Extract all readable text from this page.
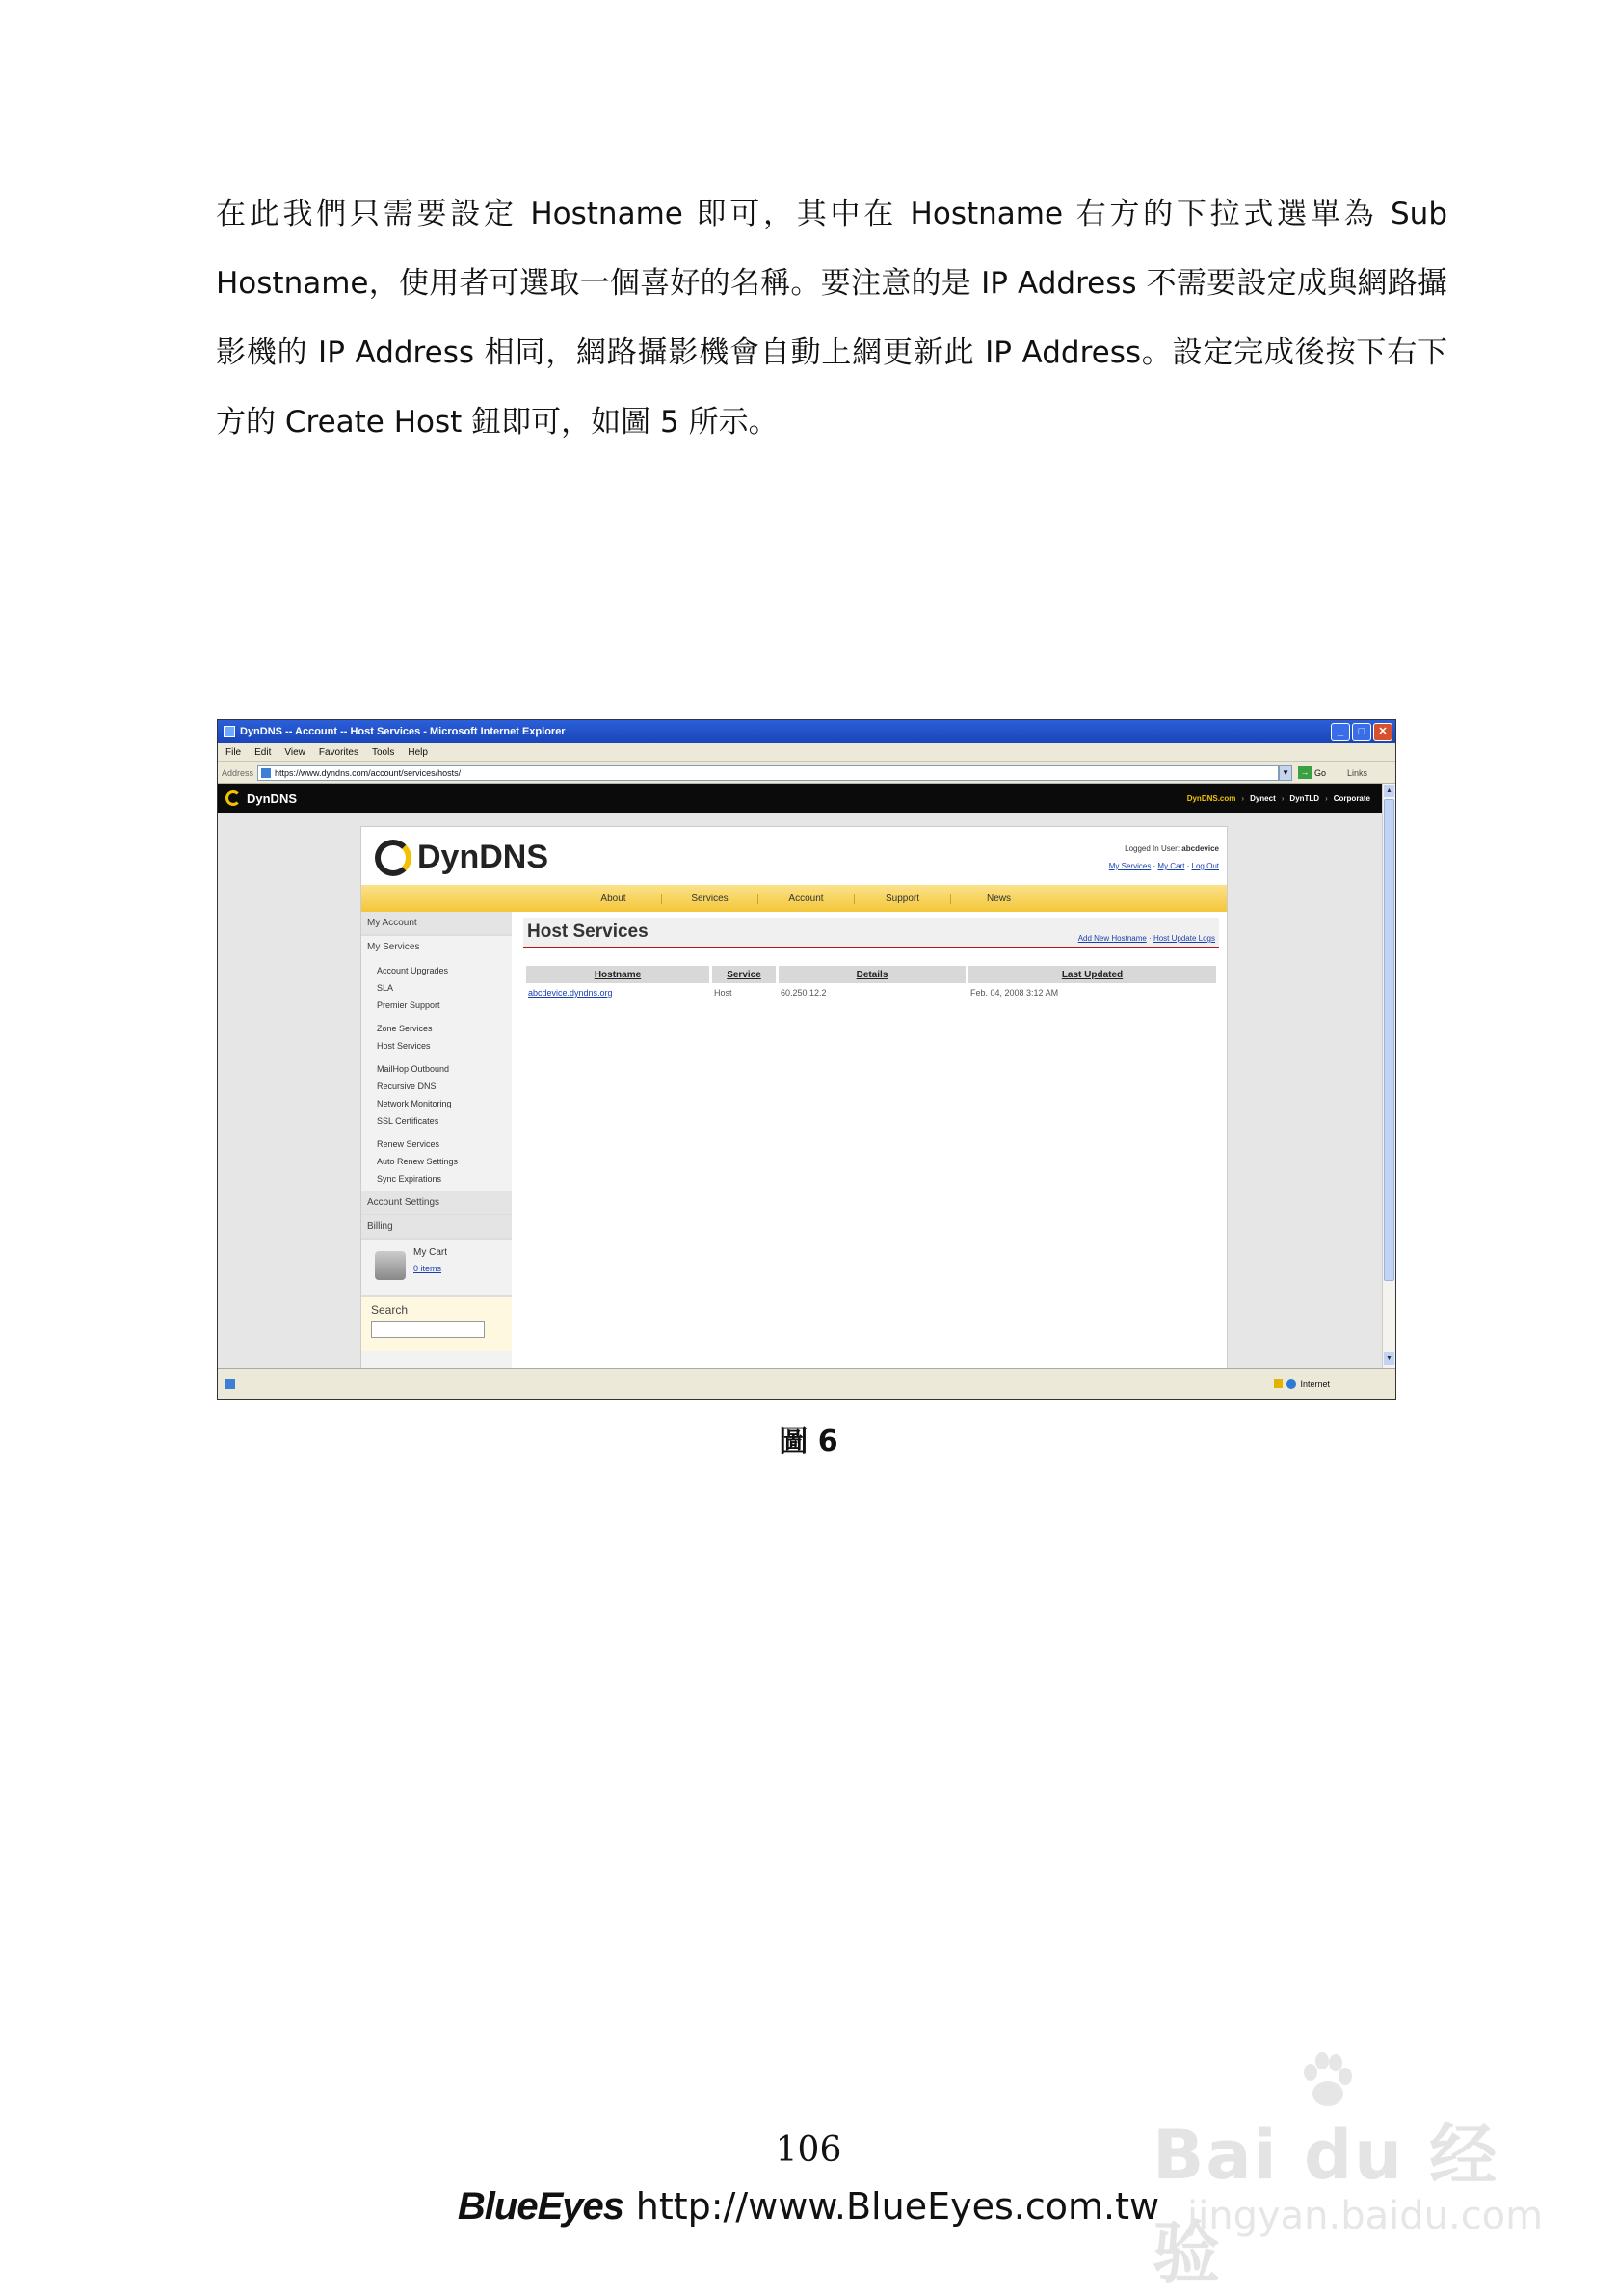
在此我們只需要設定 Hostname 即可，其中在 Hostname 右方的下拉式選單為 Sub

Hostname，使用者可選取一個喜好的名稱。要注意的是 IP Address 不需要設定成與網路攝

影機的 IP Address 相同，網路攝影機會自動上網更新此 IP Address。設定完成後按下右下

方的 Create Host 鈕即可，如圖 5 所示。

DynDNS -- Account -- Host Services - Microsoft Internet Explorer	_	□	✕
File Edit View Favorites Tools Help
Address https://www.dyndns.com/account/services/hosts/	▼	→ Go Links
DynDNS	DynDNS.com › Dynect › DynTLD › Corporate
DynDNS	Logged In User: abcdevice
My Services · My Cart · Log Out
About	Services	Account	Support	News
My Account
My Services
Account Upgrades
SLA
Premier Support
Zone Services
Host Services
MailHop Outbound
Recursive DNS
Network Monitoring
SSL Certificates
Renew Services
Auto Renew Settings
Sync Expirations
Account Settings
Billing
My Cart
0 items
Search
Host Services	Add New Hostname · Host Update Logs
Hostname	Service	Details	Last Updated
abcdevice.dyndns.org	Host	60.250.12.2	Feb. 04, 2008 3:12 AM
▲
▼
Internet
圖 6
Bai du 经验
jingyan.baidu.com
106
BlueEyes http://www.BlueEyes.com.tw
